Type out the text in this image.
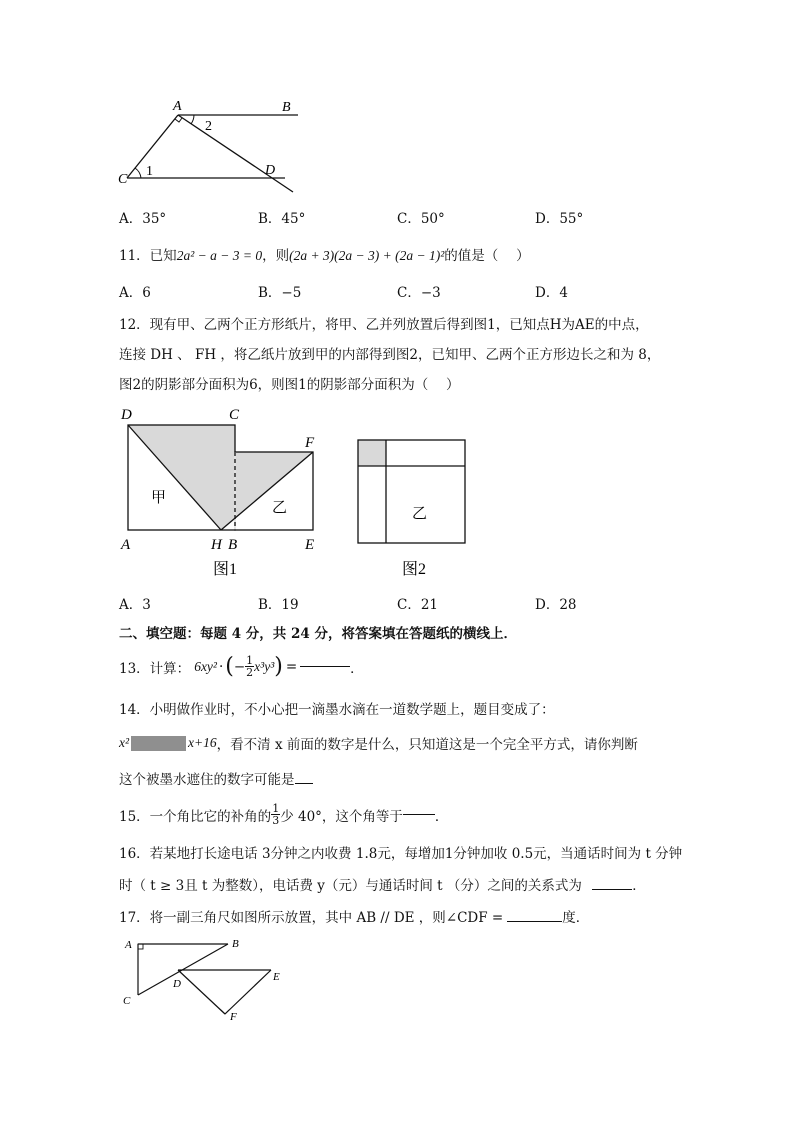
A	B
C
D
1
2
A．35°	B．45°	C．50°	D．55°
11．已知2a² − a − 3 = 0，则(2a + 3)(2a − 3) + (2a − 1)²的值是（　 ）
A．6	B．−5	C．−3	D．4
12．现有甲、乙两个正方形纸片，将甲、乙并列放置后得到图1，已知点H为AE的中点，
连接 DH 、 FH ，将乙纸片放到甲的内部得到图2，已知甲、乙两个正方形边长之和为 8，
图2的阴影部分面积为6，则图1的阴影部分面积为（　 ）
D	C
F
A	H B	E
甲
乙
图1
乙
图2
A．3	B．19	C．21	D．28
二、填空题：每题 4 分，共 24 分，将答案填在答题纸的横线上．
13．计算： 6xy² · ( − $\frac{1}{2} x^3y^3$ ) =	．
14．小明做作业时，不小心把一滴墨水滴在一道数学题上，题目变成了：
x²	x+16 ，看不清 x 前面的数字是什么，只知道这是一个完全平方式，请你判断
这个被墨水遮住的数字可能是
15．一个角比它的补角的 $\frac{1}{3}$ 少 40°，这个角等于 ．
16．若某地打长途电话 3分钟之内收费 1.8元，每增加1分钟加收 0.5元，当通话时间为 t 分钟
时（ t ≥ 3且 t 为整数），电话费 y（元）与通话时间 t （分）之间的关系式为	．
17．将一副三角尺如图所示放置，其中 AB // DE ，则∠CDF =	度．
A	B
C
D
E
F
